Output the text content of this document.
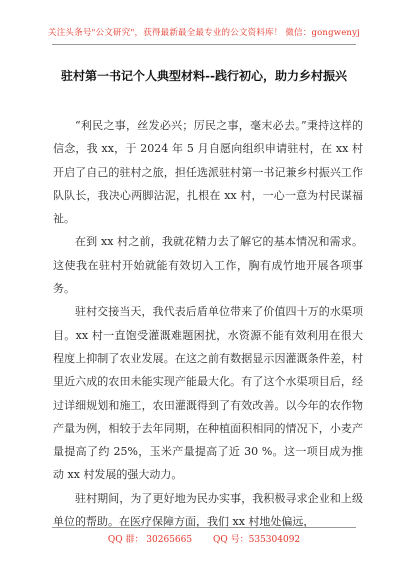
关注头条号"公文研究"，获得最新最全最专业的公文资料库！ 微信：gongwenyj
驻村第一书记个人典型材料--践行初心，助力乡村振兴

“利民之事，丝发必兴；厉民之事，毫末必去。”秉持这样的信念，我 xx，于 2024 年 5 月自愿向组织申请驻村，在 xx 村开启了自己的驻村之旅，担任选派驻村第一书记兼乡村振兴工作队队长，我决心两脚沾泥，扎根在 xx 村，一心一意为村民谋福祉。

在到 xx 村之前，我就花精力去了解它的基本情况和需求。这使我在驻村开始就能有效切入工作，胸有成竹地开展各项事务。

驻村交接当天，我代表后盾单位带来了价值四十万的水渠项目。xx 村一直饱受灌溉难题困扰，水资源不能有效利用在很大程度上抑制了农业发展。在这之前有数据显示因灌溉条件差，村里近六成的农田未能实现产能最大化。有了这个水渠项目后，经过详细规划和施工，农田灌溉得到了有效改善。以今年的农作物产量为例，相较于去年同期，在种植面积相同的情况下，小麦产量提高了约 25%，玉米产量提高了近 30 %。这一项目成为推动 xx 村发展的强大动力。

驻村期间，为了更好地为民办实事，我积极寻求企业和上级单位的帮助。在医疗保障方面，我们 xx 村地处偏远，

QQ 群： 30265665 QQ 号：535304092
